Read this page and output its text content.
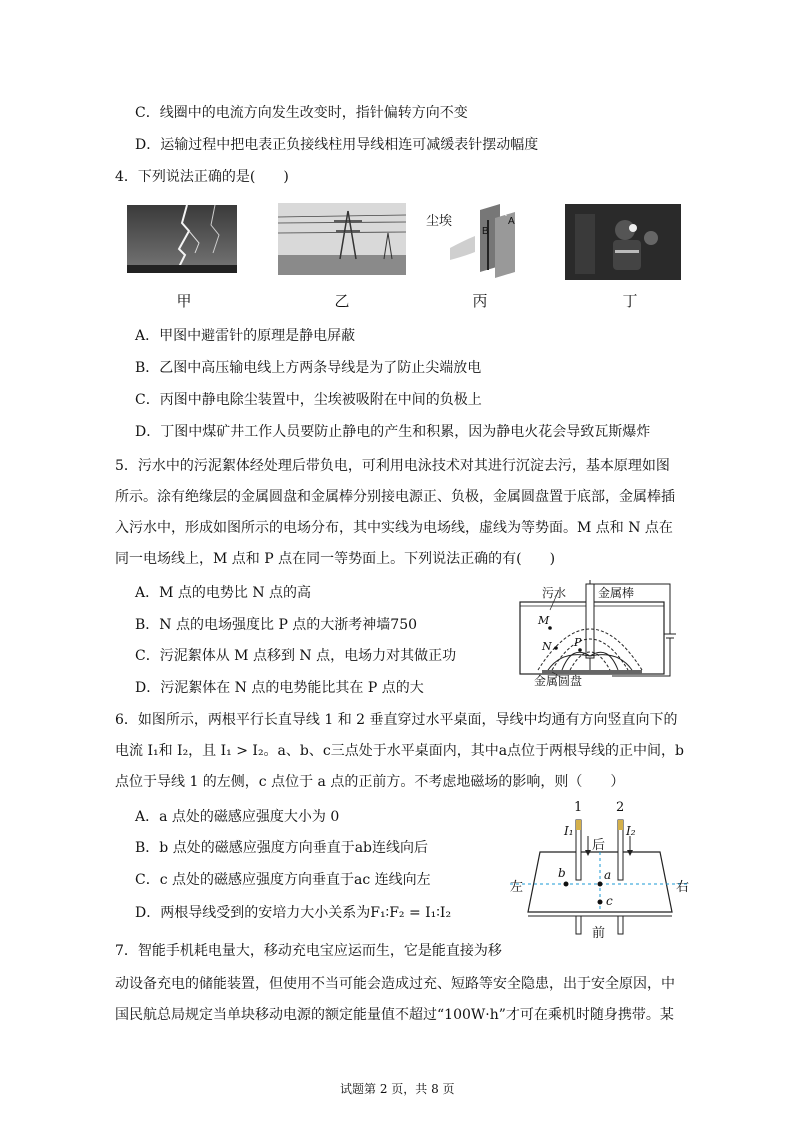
C．线圈中的电流方向发生改变时，指针偏转方向不变
D．运输过程中把电表正负接线柱用导线相连可减缓表针摆动幅度
4．下列说法正确的是(　　)
甲	乙
A
A
B
尘埃
丙	丁
A．甲图中避雷针的原理是静电屏蔽
B．乙图中高压输电线上方两条导线是为了防止尖端放电
C．丙图中静电除尘装置中，尘埃被吸附在中间的负极上
D．丁图中煤矿井工作人员要防止静电的产生和积累，因为静电火花会导致瓦斯爆炸
5．污水中的污泥絮体经处理后带负电，可利用电泳技术对其进行沉淀去污，基本原理如图
所示。涂有绝缘层的金属圆盘和金属棒分别接电源正、负极，金属圆盘置于底部，金属棒插
入污水中，形成如图所示的电场分布，其中实线为电场线，虚线为等势面。M 点和 N 点在
同一电场线上，M 点和 P 点在同一等势面上。下列说法正确的有(　　)
A．M 点的电势比 N 点的高
B．N 点的电场强度比 P 点的大浙考神墙750
C．污泥絮体从 M 点移到 N 点，电场力对其做正功
D．污泥絮体在 N 点的电势能比其在 P 点的大
污水	金属棒
金属圆盘
M
N P
6．如图所示，两根平行长直导线 1 和 2 垂直穿过水平桌面，导线中均通有方向竖直向下的
电流 I₁和 I₂，且 I₁ > I₂。a、b、c三点处于水平桌面内，其中a点位于两根导线的正中间，b
点位于导线 1 的左侧，c 点位于 a 点的正前方。不考虑地磁场的影响，则（　　）
A．a 点处的磁感应强度大小为 0
B．b 点处的磁感应强度方向垂直于ab连线向后
C．c 点处的磁感应强度方向垂直于ac 连线向左
D．两根导线受到的安培力大小关系为F₁∶F₂ = I₁∶I₂
1	2
I₁	I₂
后
前
左	右
b	a
c
7．智能手机耗电量大，移动充电宝应运而生，它是能直接为移
动设备充电的储能装置，但使用不当可能会造成过充、短路等安全隐患，出于安全原因，中
国民航总局规定当单块移动电源的额定能量值不超过“100W·h”才可在乘机时随身携带。某
试题第 2 页，共 8 页
